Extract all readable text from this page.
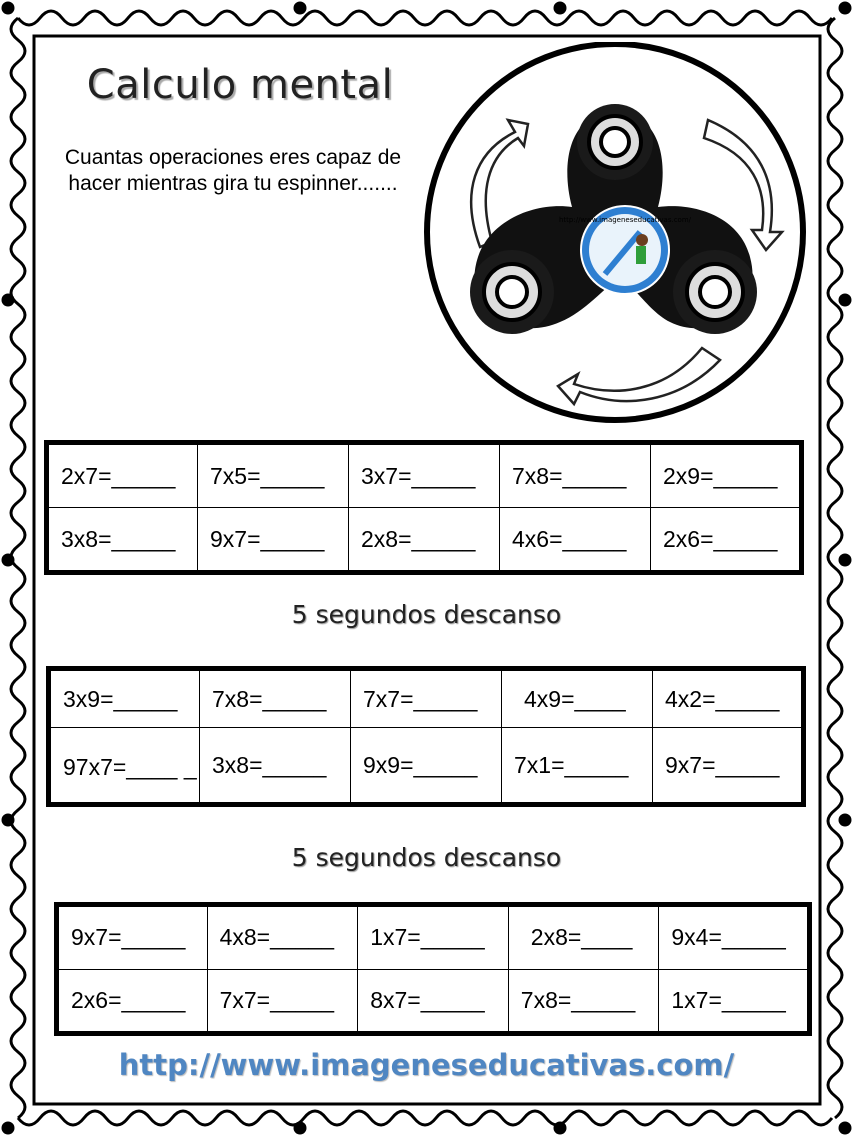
Calculo mental
Cuantas operaciones eres capaz de hacer mientras gira tu espinner.......
http://www.imageneseducativas.com/
2x7=_____	7x5=_____	3x7=_____	7x8=_____	2x9=_____
3x8=_____	9x7=_____	2x8=_____	4x6=_____	2x6=_____
5 segundos descanso
3x9=_____	7x8=_____	7x7=_____	4x9=____	4x2=_____
97x7=____ _	3x8=_____	9x9=_____	7x1=_____	9x7=_____
5 segundos descanso
9x7=_____	4x8=_____	1x7=_____	2x8=____	9x4=_____
2x6=_____	7x7=_____	8x7=_____	7x8=_____	1x7=_____
http://www.imageneseducativas.com/
